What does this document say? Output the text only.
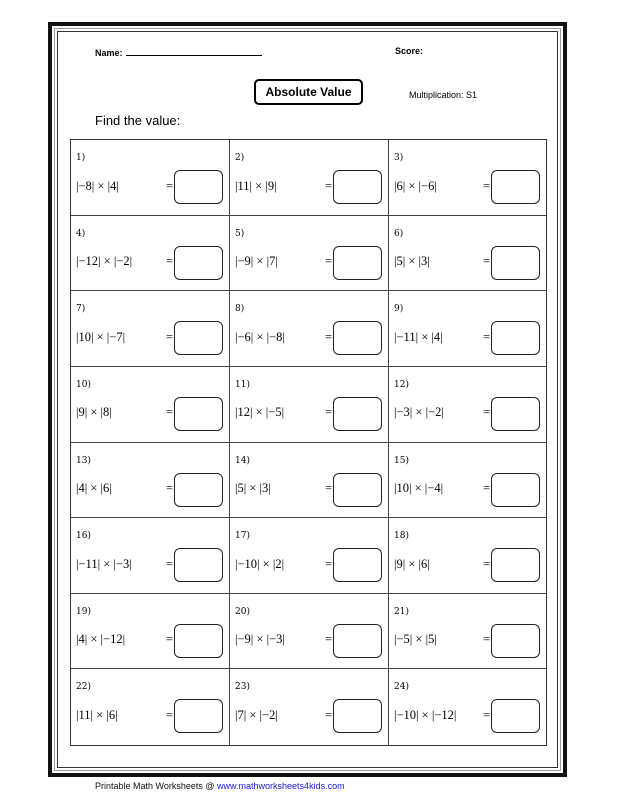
Name:	Score:
Absolute Value	Multiplication: S1
Find the value:
1)
|−8| × |4|	=
2)
|11| × |9|	=
3)
|6| × |−6|	=
4)
|−12| × |−2|	=
5)
|−9| × |7|	=
6)
|5| × |3|	=
7)
|10| × |−7|	=
8)
|−6| × |−8|	=
9)
|−11| × |4|	=
10)
|9| × |8|	=
11)
|12| × |−5|	=
12)
|−3| × |−2|	=
13)
|4| × |6|	=
14)
|5| × |3|	=
15)
|10| × |−4|	=
16)
|−11| × |−3|	=
17)
|−10| × |2|	=
18)
|9| × |6|	=
19)
|4| × |−12|	=
20)
|−9| × |−3|	=
21)
|−5| × |5|	=
22)
|11| × |6|	=
23)
|7| × |−2|	=
24)
|−10| × |−12| =
Printable Math Worksheets @ www.mathworksheets4kids.com
